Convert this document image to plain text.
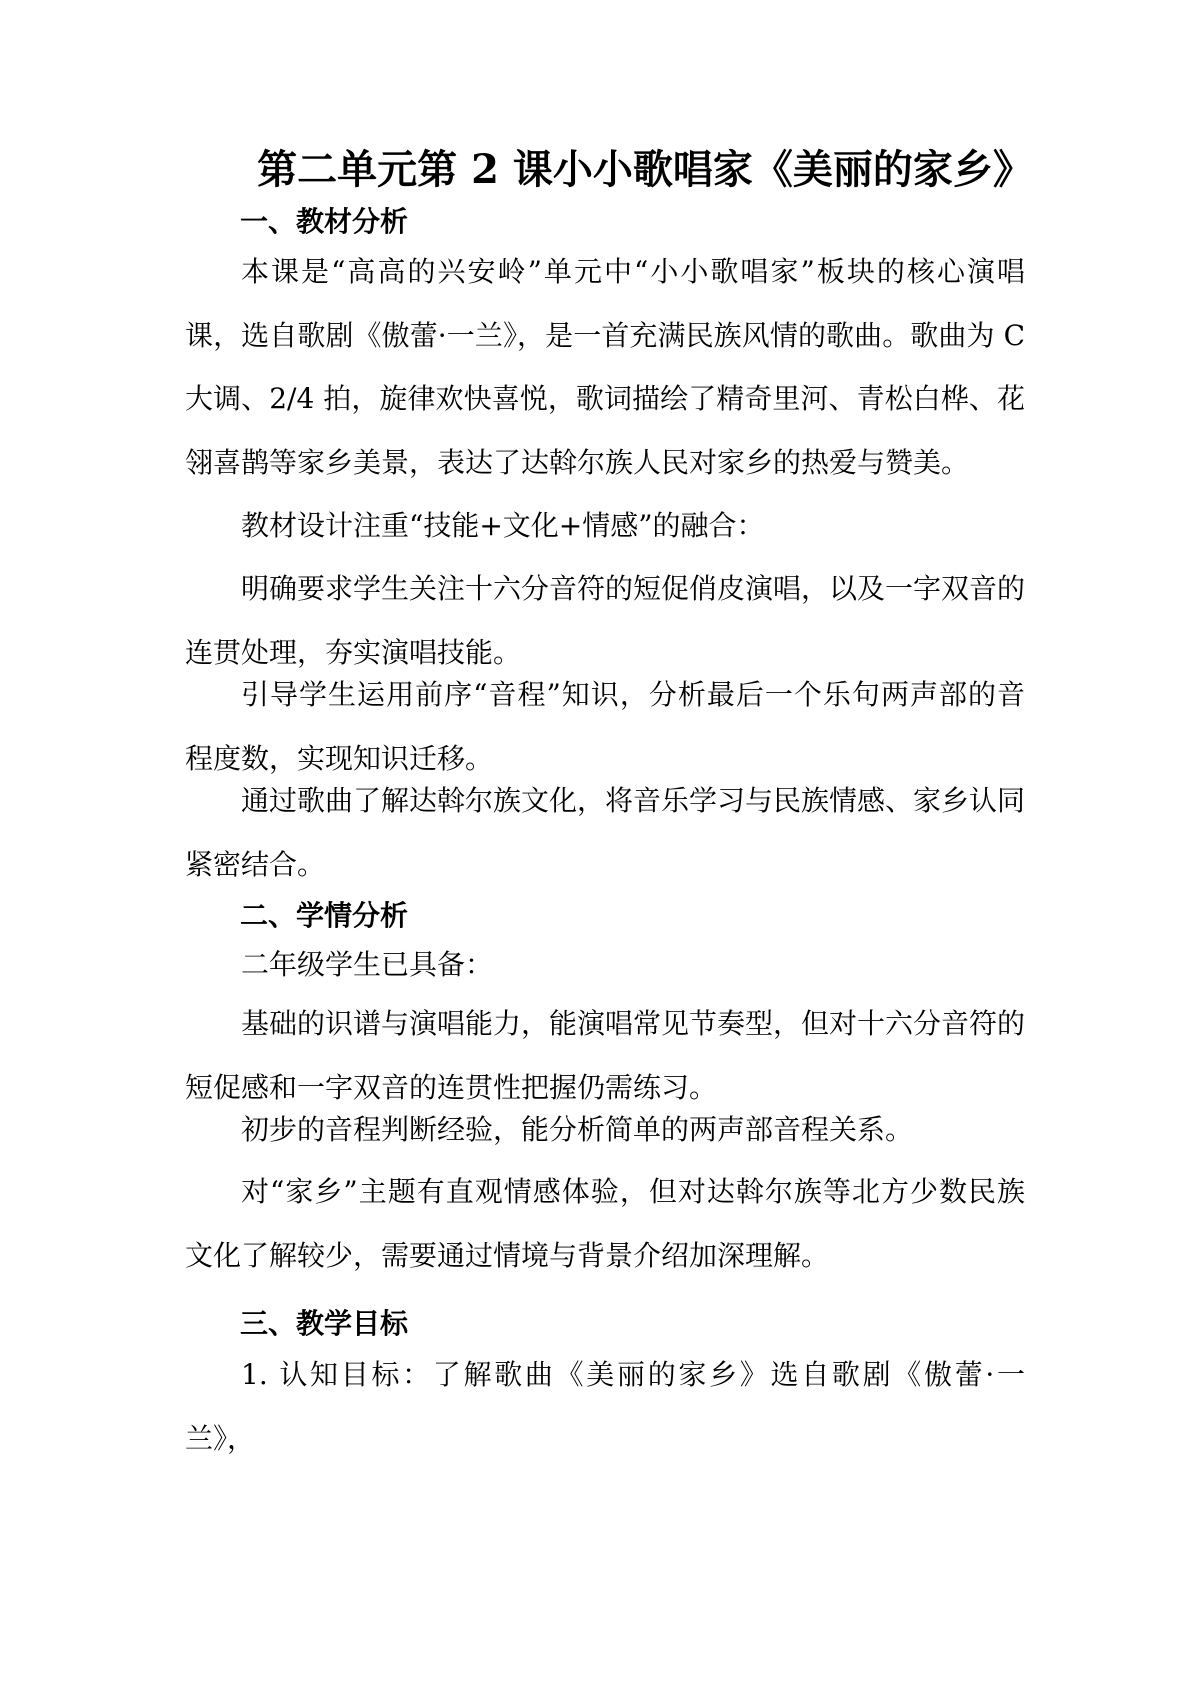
第二单元第 2 课小小歌唱家《美丽的家乡》
一、教材分析

本课是“高高的兴安岭”单元中“小小歌唱家”板块的核心演唱课，选自歌剧《傲蕾·一兰》，是一首充满民族风情的歌曲。歌曲为 C 大调、2/4 拍，旋律欢快喜悦，歌词描绘了精奇里河、青松白桦、花翎喜鹊等家乡美景，表达了达斡尔族人民对家乡的热爱与赞美。

教材设计注重“技能+文化+情感”的融合：

明确要求学生关注十六分音符的短促俏皮演唱，以及一字双音的连贯处理，夯实演唱技能。

引导学生运用前序“音程”知识，分析最后一个乐句两声部的音程度数，实现知识迁移。

通过歌曲了解达斡尔族文化，将音乐学习与民族情感、家乡认同紧密结合。

二、学情分析

二年级学生已具备：

基础的识谱与演唱能力，能演唱常见节奏型，但对十六分音符的短促感和一字双音的连贯性把握仍需练习。

初步的音程判断经验，能分析简单的两声部音程关系。

对“家乡”主题有直观情感体验，但对达斡尔族等北方少数民族文化了解较少，需要通过情境与背景介绍加深理解。

三、教学目标

1. 认知目标：了解歌曲《美丽的家乡》选自歌剧《傲蕾·一兰》，
